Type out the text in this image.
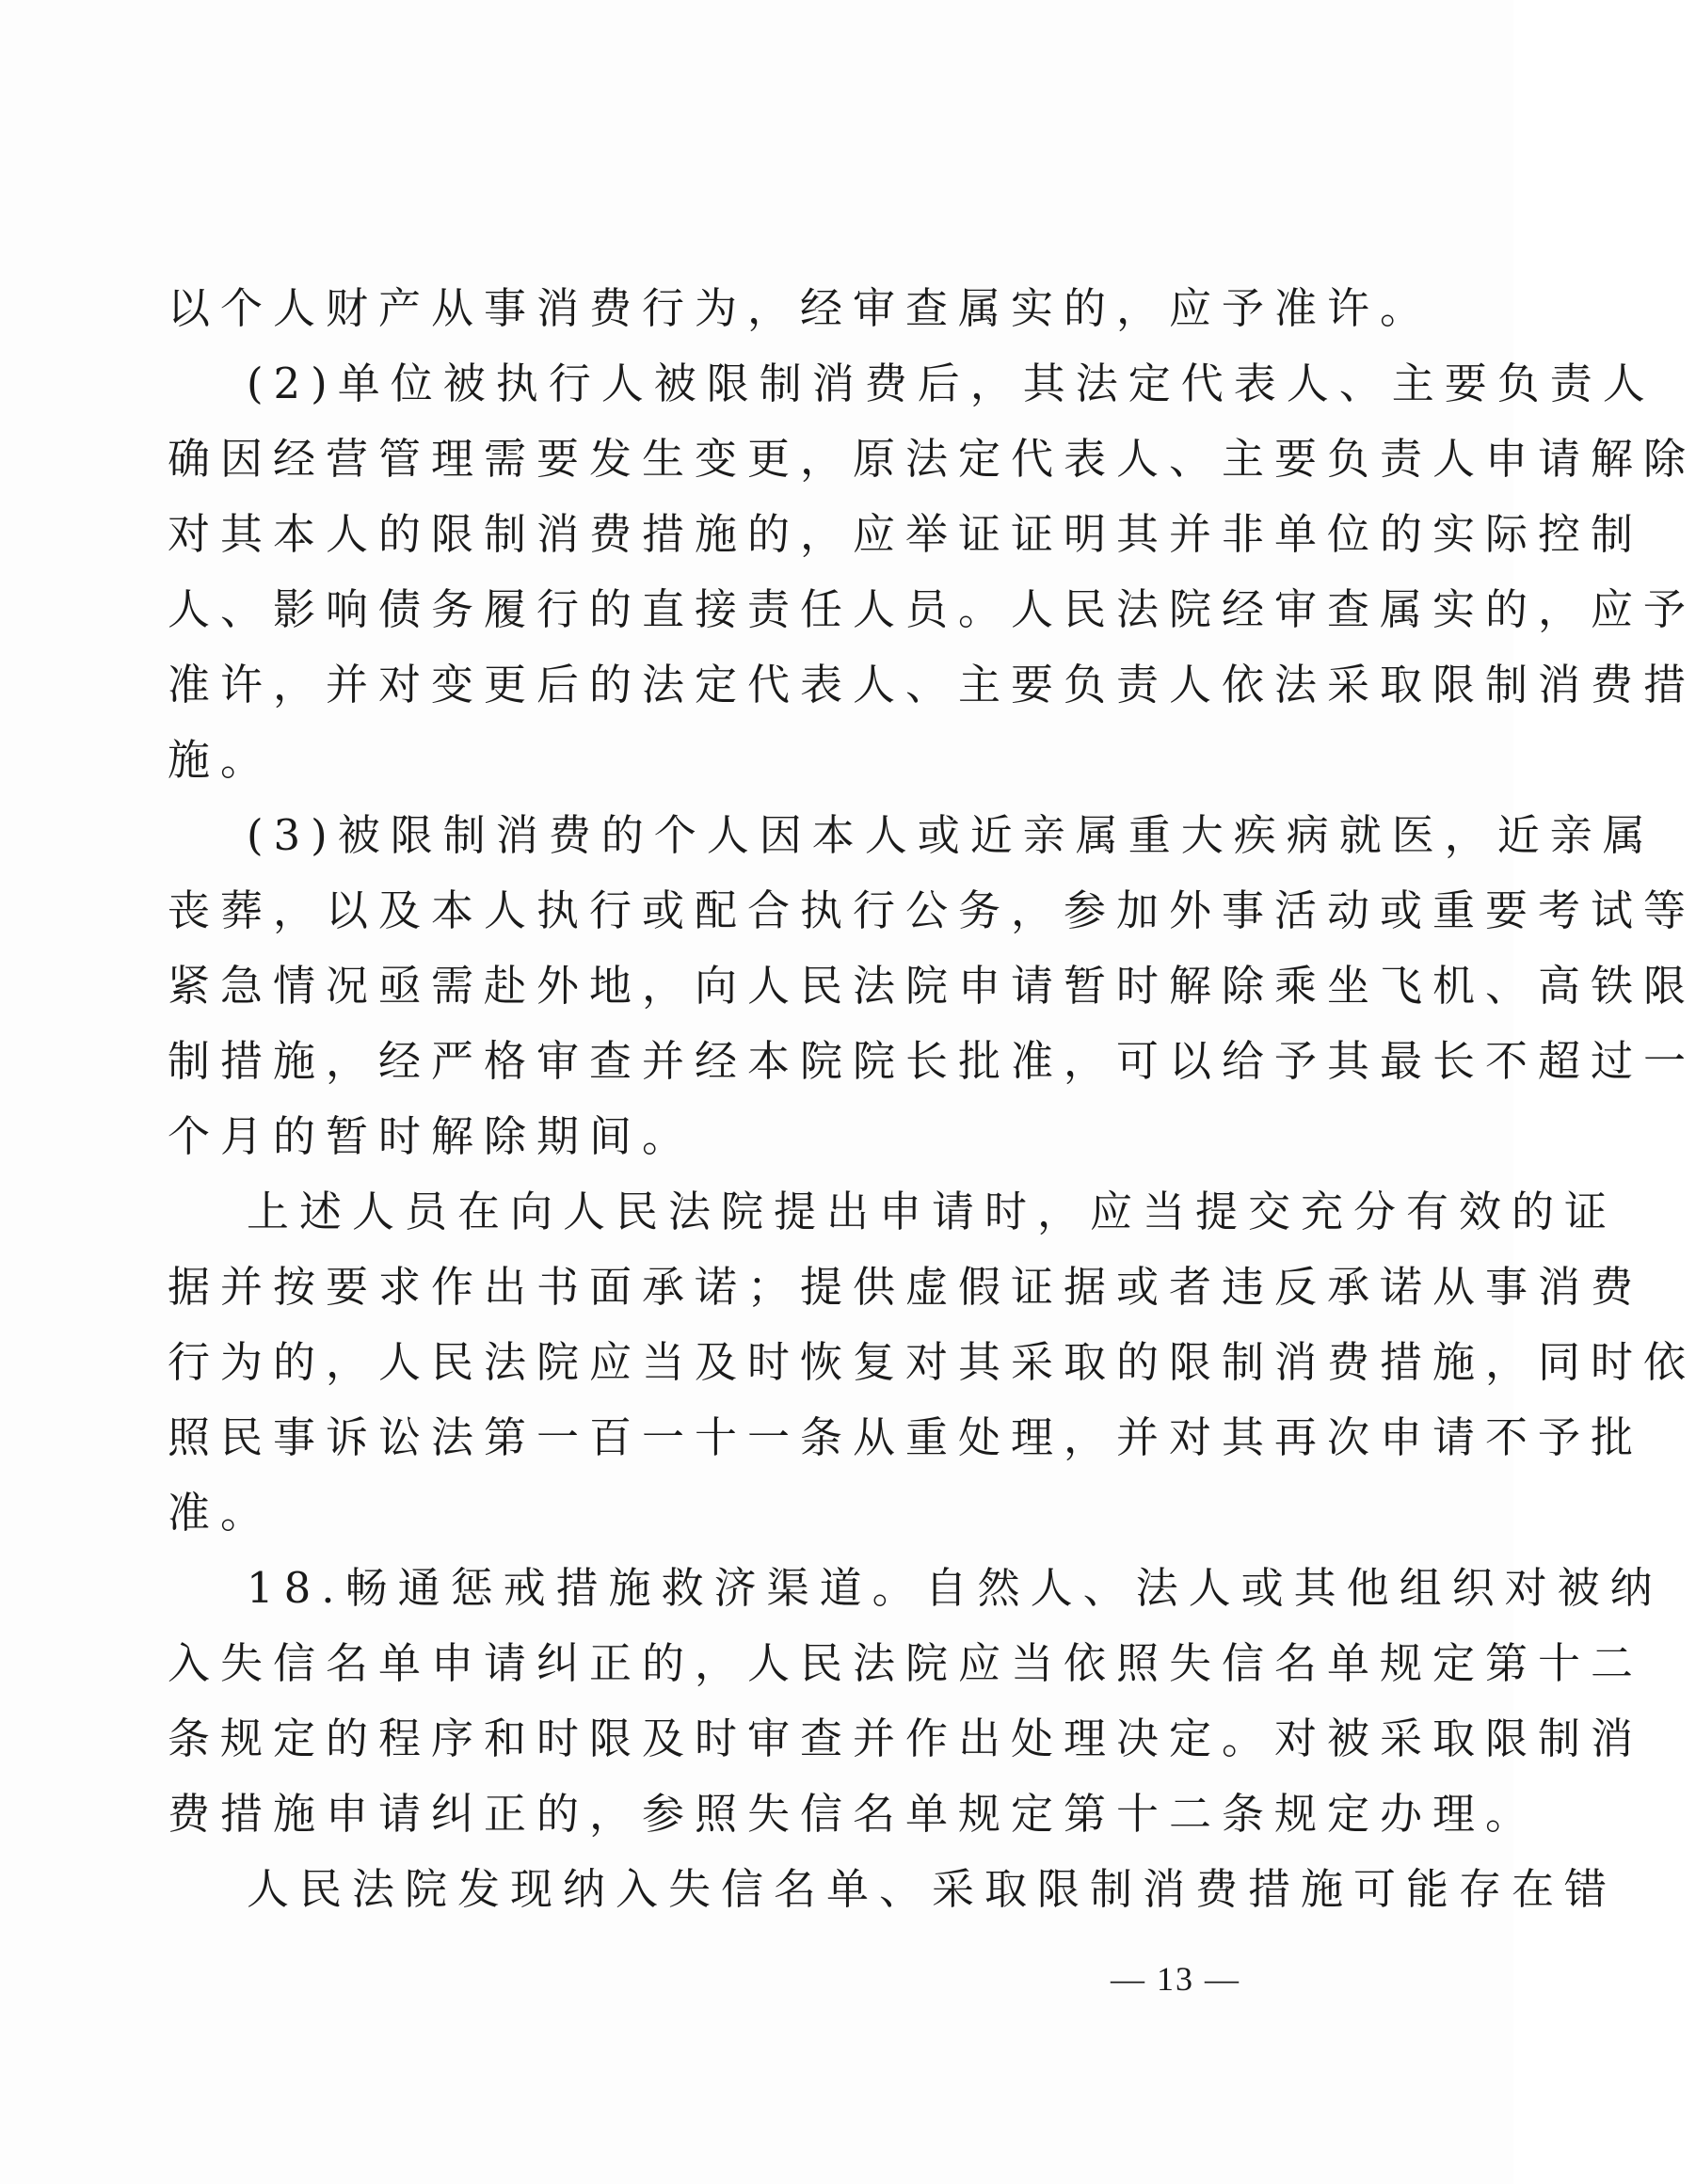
以个人财产从事消费行为，经审查属实的，应予准许。
(2)单位被执行人被限制消费后，其法定代表人、主要负责人
确因经营管理需要发生变更，原法定代表人、主要负责人申请解除
对其本人的限制消费措施的，应举证证明其并非单位的实际控制
人、影响债务履行的直接责任人员。人民法院经审查属实的，应予
准许，并对变更后的法定代表人、主要负责人依法采取限制消费措
施。
(3)被限制消费的个人因本人或近亲属重大疾病就医，近亲属
丧葬，以及本人执行或配合执行公务，参加外事活动或重要考试等
紧急情况亟需赴外地，向人民法院申请暂时解除乘坐飞机、高铁限
制措施，经严格审查并经本院院长批准，可以给予其最长不超过一
个月的暂时解除期间。
上述人员在向人民法院提出申请时，应当提交充分有效的证
据并按要求作出书面承诺；提供虚假证据或者违反承诺从事消费
行为的，人民法院应当及时恢复对其采取的限制消费措施，同时依
照民事诉讼法第一百一十一条从重处理，并对其再次申请不予批
准。
18.畅通惩戒措施救济渠道。自然人、法人或其他组织对被纳
入失信名单申请纠正的，人民法院应当依照失信名单规定第十二
条规定的程序和时限及时审查并作出处理决定。对被采取限制消
费措施申请纠正的，参照失信名单规定第十二条规定办理。
人民法院发现纳入失信名单、采取限制消费措施可能存在错
— 13 —
